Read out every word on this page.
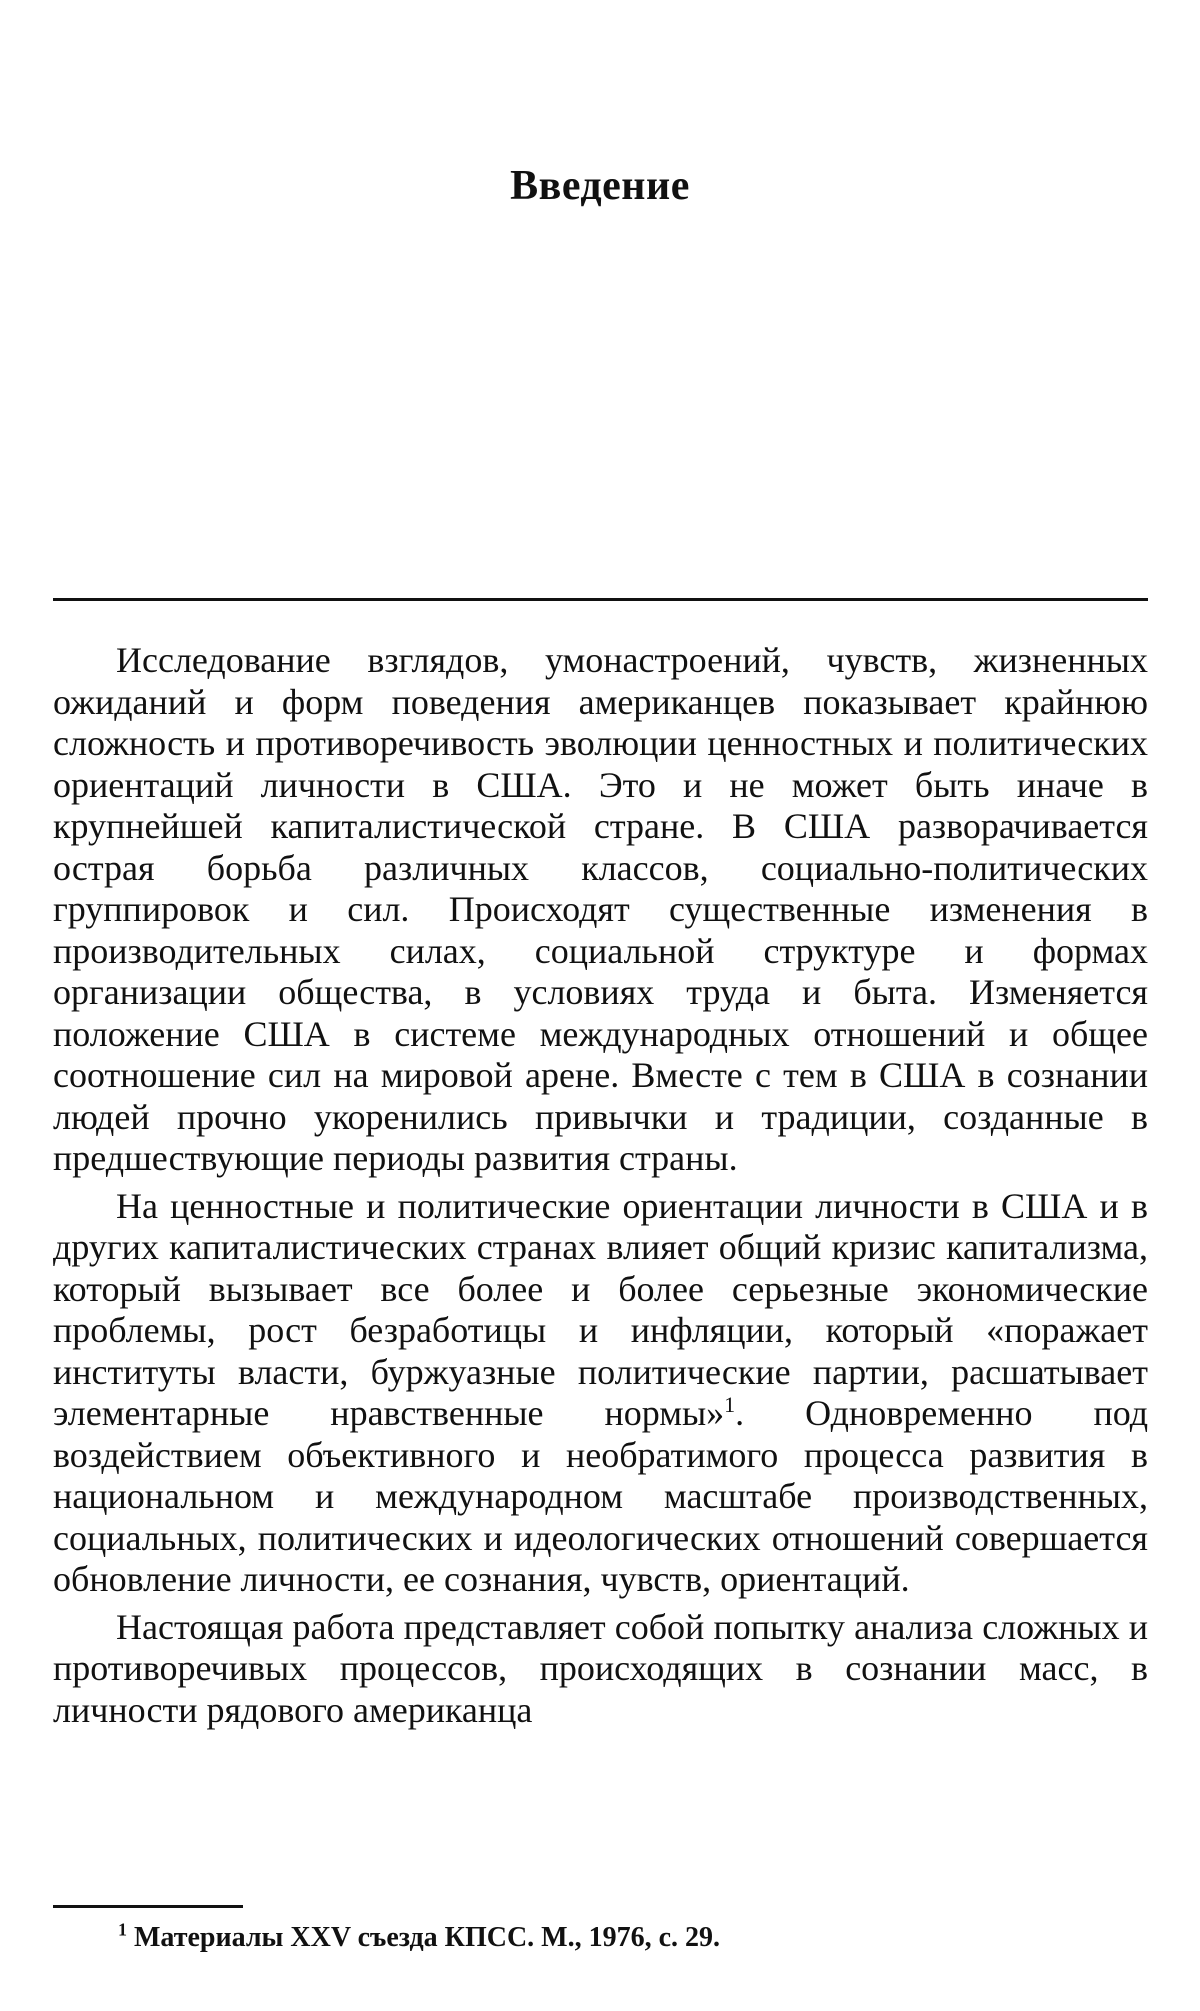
Введение

Исследование взглядов, умонастроений, чувств, жизненных ожиданий и форм поведения американцев показывает крайнюю сложность и противоречивость эволюции ценностных и политических ориентаций личности в США. Это и не может быть иначе в крупнейшей капиталистической стране. В США разворачивается острая борьба различных классов, социально-политических группировок и сил. Происходят существенные изменения в производительных силах, социальной структуре и формах организации общества, в условиях труда и быта. Изменяется положение США в системе международных отношений и общее соотношение сил на мировой арене. Вместе с тем в США в сознании людей прочно укоренились привычки и традиции, созданные в предшествующие периоды развития страны.

На ценностные и политические ориентации личности в США и в других капиталистических странах влияет общий кризис капитализма, который вызывает все более и более серьезные экономические проблемы, рост безработицы и инфляции, который «поражает институты власти, буржуазные политические партии, расшатывает элементарные нравственные нормы»$^1$. Одновременно под воздействием объективного и необратимого процесса развития в национальном и международном масштабе производственных, социальных, политических и идеологических отношений совершается обновление личности, ее сознания, чувств, ориентаций.

Настоящая работа представляет собой попытку анализа сложных и противоречивых процессов, происходящих в сознании масс, в личности рядового американца

$^1$ Материалы XXV съезда КПСС. М., 1976, с. 29.
